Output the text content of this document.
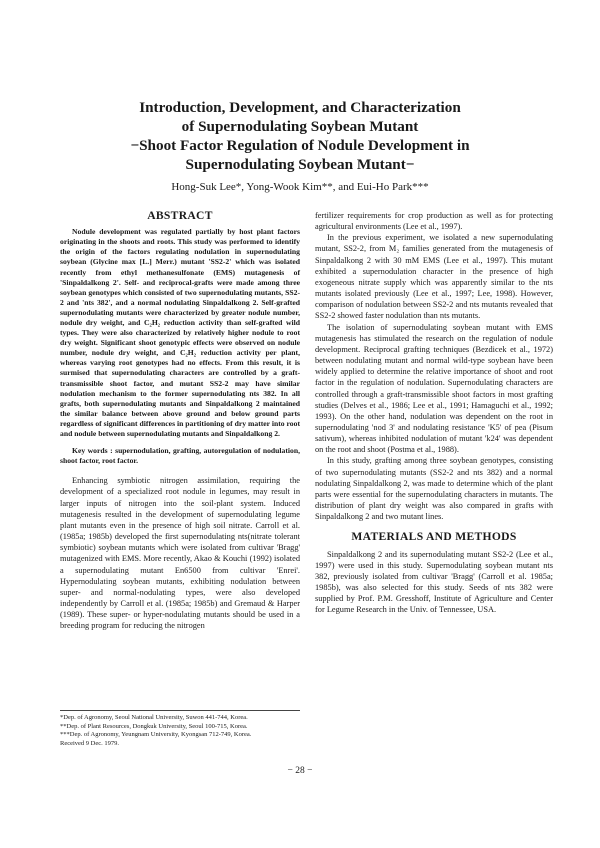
Introduction, Development, and Characterization
of Supernodulating Soybean Mutant
−Shoot Factor Regulation of Nodule Development in
Supernodulating Soybean Mutant−
Hong-Suk Lee*, Yong-Wook Kim**, and Eui-Ho Park***
ABSTRACT

Nodule development was regulated partially by host plant factors originating in the shoots and roots. This study was performed to identify the origin of the factors regulating nodulation in supernodulating soybean (Glycine max [L.] Merr.) mutant 'SS2-2' which was isolated recently from ethyl methanesulfonate (EMS) mutagenesis of 'Sinpaldalkong 2'. Self- and reciprocal-grafts were made among three soybean genotypes which consisted of two supernodulating mutants, SS2-2 and 'nts 382', and a normal nodulating Sinpaldalkong 2. Self-grafted supernodulating mutants were characterized by greater nodule number, nodule dry weight, and C₂H₂ reduction activity than self-grafted wild types. They were also characterized by relatively higher nodule to root dry weight. Significant shoot genotypic effects were observed on nodule number, nodule dry weight, and C₂H₂ reduction activity per plant, whereas varying root genotypes had no effects. From this result, it is surmised that supernodulating characters are controlled by a graft-transmissible shoot factor, and mutant SS2-2 may have similar nodulation mechanism to the former supernodulating nts 382. In all grafts, both supernodulating mutants and Sinpaldalkong 2 maintained the similar balance between above ground and below ground parts regardless of significant differences in partitioning of dry matter into root and nodule between supernodulating mutants and Sinpaldalkong 2.

Key words : supernodulation, grafting, autoregulation of nodulation, shoot factor, root factor.

Enhancing symbiotic nitrogen assimilation, requiring the development of a specialized root nodule in legumes, may result in larger inputs of nitrogen into the soil-plant system. Induced mutagenesis resulted in the development of supernodulating legume plant mutants even in the presence of high soil nitrate. Carroll et al. (1985a; 1985b) developed the first supernodulating nts(nitrate tolerant symbiotic) soybean mutants which were isolated from cultivar 'Bragg' mutagenized with EMS. More recently, Akao & Kouchi (1992) isolated a supernodulating mutant En6500 from cultivar 'Enrei'. Hypernodulating soybean mutants, exhibiting nodulation between super- and normal-nodulating types, were also developed independently by Carroll et al. (1985a; 1985b) and Gremaud & Harper (1989). These super- or hyper-nodulating mutants should be used in a breeding program for reducing the nitrogen

*Dep. of Agronomy, Seoul National University, Suwon 441-744, Korea.
**Dep. of Plant Resources, Dongkuk University, Seoul 100-715, Korea.
***Dep. of Agronomy, Yeungnam University, Kyongsan 712-749, Korea.
Received 9 Dec. 1979.

fertilizer requirements for crop production as well as for protecting agricultural environments (Lee et al., 1997).

In the previous experiment, we isolated a new supernodulating mutant, SS2-2, from M₂ families generated from the mutagenesis of Sinpaldalkong 2 with 30 mM EMS (Lee et al., 1997). This mutant exhibited a supernodulation character in the presence of high exogeneous nitrate supply which was apparently similar to the nts mutants isolated previously (Lee et al., 1997; Lee, 1998). However, comparison of nodulation between SS2-2 and nts mutants revealed that SS2-2 showed faster nodulation than nts mutants.

The isolation of supernodulating soybean mutant with EMS mutagenesis has stimulated the research on the regulation of nodule development. Reciprocal grafting techniques (Bezdicek et al., 1972) between nodulating mutant and normal wild-type soybean have been widely applied to determine the relative importance of shoot and root factor in the regulation of nodulation. Supernodulating characters are controlled through a graft-transmissible shoot factors in most grafting studies (Delves et al., 1986; Lee et al., 1991; Hamaguchi et al., 1992; 1993). On the other hand, nodulation was dependent on the root in supernodulating 'nod 3' and nodulating resistance 'K5' of pea (Pisum sativum), whereas inhibited nodulation of mutant 'k24' was dependent on the root and shoot (Postma et al., 1988).

In this study, grafting among three soybean genotypes, consisting of two supernodulating mutants (SS2-2 and nts 382) and a normal nodulating Sinpaldalkong 2, was made to determine which of the plant parts were essential for the supernodulating characters in mutants. The distribution of plant dry weight was also compared in grafts with Sinpaldalkong 2 and two mutant lines.

MATERIALS AND METHODS

Sinpaldalkong 2 and its supernodulating mutant SS2-2 (Lee et al., 1997) were used in this study. Supernodulating soybean mutant nts 382, previously isolated from cultivar 'Bragg' (Carroll et al. 1985a; 1985b), was also selected for this study. Seeds of nts 382 were supplied by Prof. P.M. Gresshoff, Institute of Agriculture and Center for Legume Research in the Univ. of Tennessee, USA.

− 28 −
